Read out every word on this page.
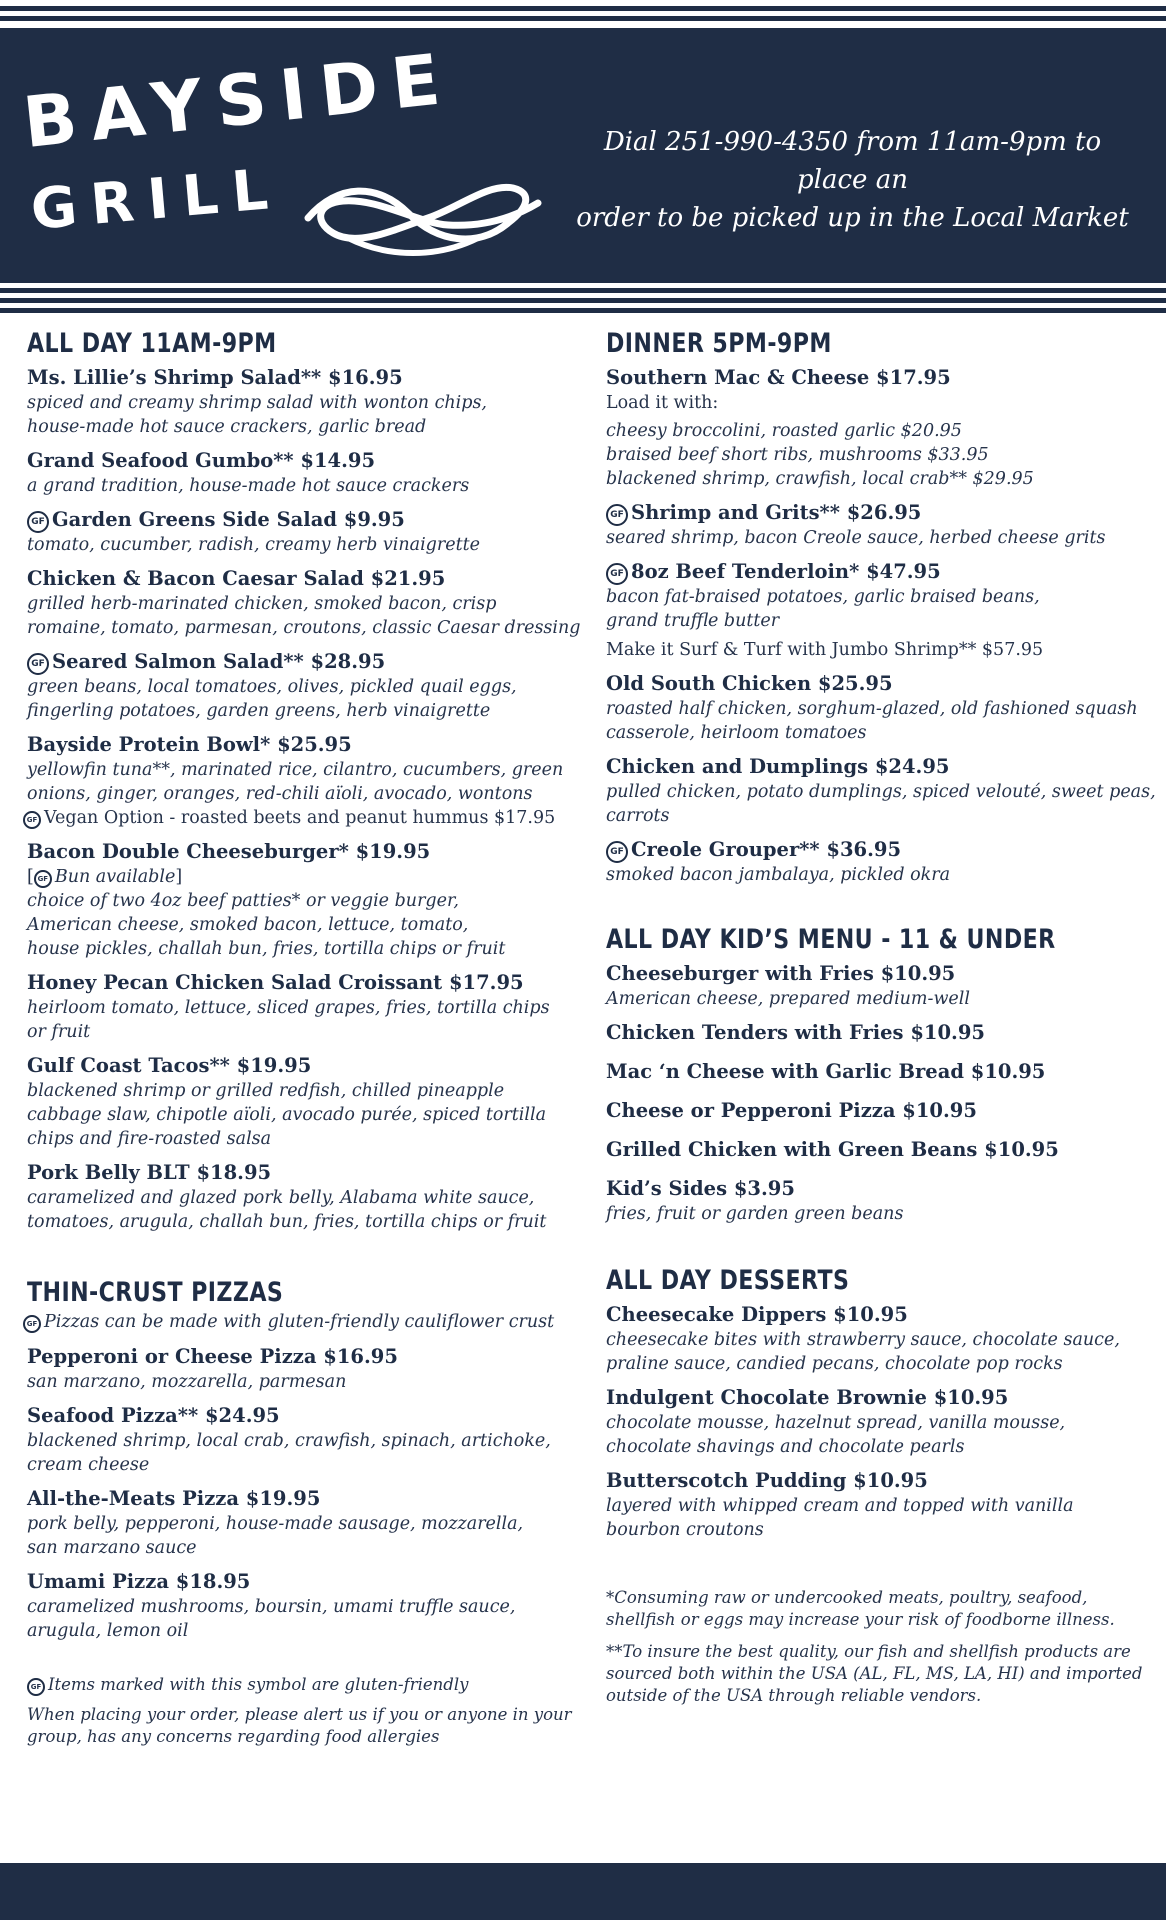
BAYSIDE
GRILL
Dial 251-990-4350 from 11am-9pm to place an
order to be picked up in the Local Market
ALL DAY 11AM-9PM
Ms. Lillie’s Shrimp Salad** $16.95
spiced and creamy shrimp salad with wonton chips,
house-made hot sauce crackers, garlic bread
Grand Seafood Gumbo** $14.95
a grand tradition, house-made hot sauce crackers
GF Garden Greens Side Salad $9.95
tomato, cucumber, radish, creamy herb vinaigrette
Chicken & Bacon Caesar Salad $21.95
grilled herb-marinated chicken, smoked bacon, crisp
romaine, tomato, parmesan, croutons, classic Caesar dressing
GF Seared Salmon Salad** $28.95
green beans, local tomatoes, olives, pickled quail eggs,
fingerling potatoes, garden greens, herb vinaigrette
Bayside Protein Bowl* $25.95
yellowfin tuna**, marinated rice, cilantro, cucumbers, green
onions, ginger, oranges, red-chili aïoli, avocado, wontons
GF Vegan Option - roasted beets and peanut hummus $17.95
Bacon Double Cheeseburger* $19.95
[ GF Bun available]
choice of two 4oz beef patties* or veggie burger,
American cheese, smoked bacon, lettuce, tomato,
house pickles, challah bun, fries, tortilla chips or fruit
Honey Pecan Chicken Salad Croissant $17.95
heirloom tomato, lettuce, sliced grapes, fries, tortilla chips
or fruit
Gulf Coast Tacos** $19.95
blackened shrimp or grilled redfish, chilled pineapple
cabbage slaw, chipotle aïoli, avocado purée, spiced tortilla
chips and fire-roasted salsa
Pork Belly BLT $18.95
caramelized and glazed pork belly, Alabama white sauce,
tomatoes, arugula, challah bun, fries, tortilla chips or fruit
THIN-CRUST PIZZAS
GF Pizzas can be made with gluten-friendly cauliflower crust
Pepperoni or Cheese Pizza $16.95
san marzano, mozzarella, parmesan
Seafood Pizza** $24.95
blackened shrimp, local crab, crawfish, spinach, artichoke,
cream cheese
All-the-Meats Pizza $19.95
pork belly, pepperoni, house-made sausage, mozzarella,
san marzano sauce
Umami Pizza $18.95
caramelized mushrooms, boursin, umami truffle sauce,
arugula, lemon oil
GF Items marked with this symbol are gluten-friendly
When placing your order, please alert us if you or anyone in your
group, has any concerns regarding food allergies
DINNER 5PM-9PM
Southern Mac & Cheese $17.95
Load it with:
cheesy broccolini, roasted garlic $20.95
braised beef short ribs, mushrooms $33.95
blackened shrimp, crawfish, local crab** $29.95
GF Shrimp and Grits** $26.95
seared shrimp, bacon Creole sauce, herbed cheese grits
GF 8oz Beef Tenderloin* $47.95
bacon fat-braised potatoes, garlic braised beans,
grand truffle butter
Make it Surf & Turf with Jumbo Shrimp** $57.95
Old South Chicken $25.95
roasted half chicken, sorghum-glazed, old fashioned squash
casserole, heirloom tomatoes
Chicken and Dumplings $24.95
pulled chicken, potato dumplings, spiced velouté, sweet peas,
carrots
GF Creole Grouper** $36.95
smoked bacon jambalaya, pickled okra
ALL DAY KID’S MENU - 11 & UNDER
Cheeseburger with Fries $10.95
American cheese, prepared medium-well
Chicken Tenders with Fries $10.95
Mac ‘n Cheese with Garlic Bread $10.95
Cheese or Pepperoni Pizza $10.95
Grilled Chicken with Green Beans $10.95
Kid’s Sides $3.95
fries, fruit or garden green beans
ALL DAY DESSERTS
Cheesecake Dippers $10.95
cheesecake bites with strawberry sauce, chocolate sauce,
praline sauce, candied pecans, chocolate pop rocks
Indulgent Chocolate Brownie $10.95
chocolate mousse, hazelnut spread, vanilla mousse,
chocolate shavings and chocolate pearls
Butterscotch Pudding $10.95
layered with whipped cream and topped with vanilla
bourbon croutons
*Consuming raw or undercooked meats, poultry, seafood,
shellfish or eggs may increase your risk of foodborne illness.
**To insure the best quality, our fish and shellfish products are
sourced both within the USA (AL, FL, MS, LA, HI) and imported
outside of the USA through reliable vendors.
